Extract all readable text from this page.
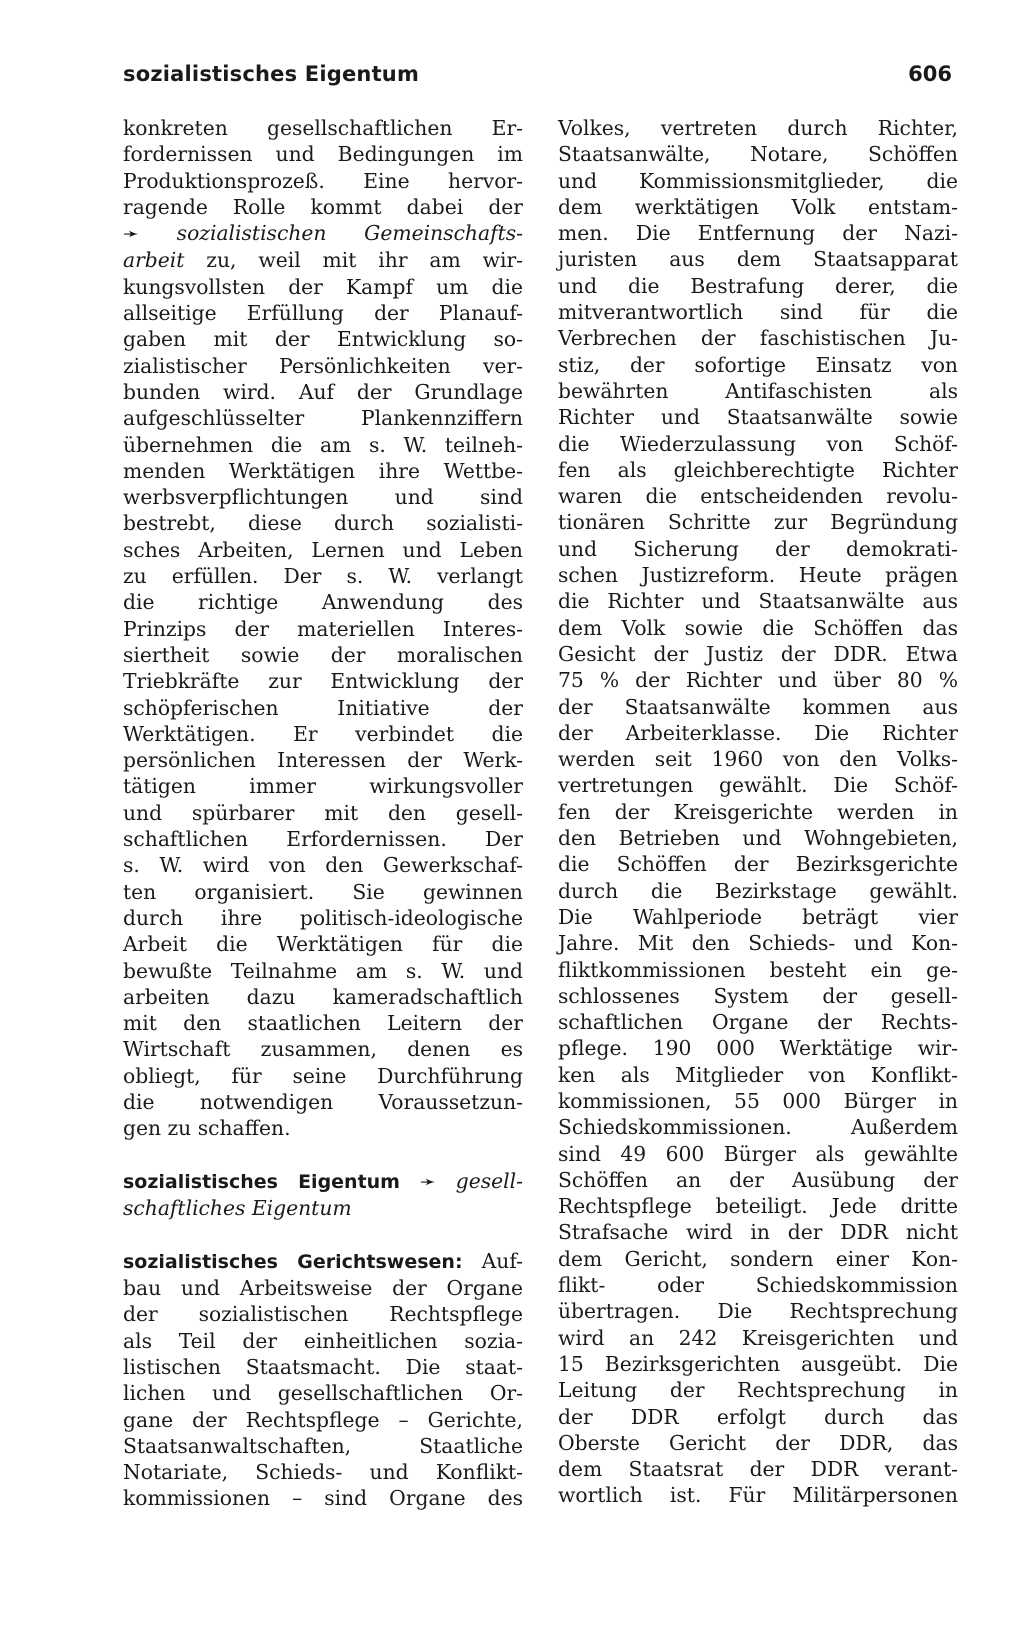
sozialistisches Eigentum	606
konkreten gesellschaftlichen Er-
fordernissen und Bedingungen im
Produktionsprozeß. Eine hervor-
ragende Rolle kommt dabei der
➛ sozialistischen Gemeinschafts-
arbeit zu, weil mit ihr am wir-
kungsvollsten der Kampf um die
allseitige Erfüllung der Planauf-
gaben mit der Entwicklung so-
zialistischer Persönlichkeiten ver-
bunden wird. Auf der Grundlage
aufgeschlüsselter Plankennziffern
übernehmen die am s. W. teilneh-
menden Werktätigen ihre Wettbe-
werbsverpflichtungen und sind
bestrebt, diese durch sozialisti-
sches Arbeiten, Lernen und Leben
zu erfüllen. Der s. W. verlangt
die richtige Anwendung des
Prinzips der materiellen Interes-
siertheit sowie der moralischen
Triebkräfte zur Entwicklung der
schöpferischen Initiative der
Werktätigen. Er verbindet die
persönlichen Interessen der Werk-
tätigen immer wirkungsvoller
und spürbarer mit den gesell-
schaftlichen Erfordernissen. Der
s. W. wird von den Gewerkschaf-
ten organisiert. Sie gewinnen
durch ihre politisch-ideologische
Arbeit die Werktätigen für die
bewußte Teilnahme am s. W. und
arbeiten dazu kameradschaftlich
mit den staatlichen Leitern der
Wirtschaft zusammen, denen es
obliegt, für seine Durchführung
die notwendigen Voraussetzun-
gen zu schaffen.
sozialistisches Eigentum ➛ gesell-
schaftliches Eigentum
sozialistisches Gerichtswesen: Auf-
bau und Arbeitsweise der Organe
der sozialistischen Rechtspflege
als Teil der einheitlichen sozia-
listischen Staatsmacht. Die staat-
lichen und gesellschaftlichen Or-
gane der Rechtspflege – Gerichte,
Staatsanwaltschaften, Staatliche
Notariate, Schieds- und Konflikt-
kommissionen – sind Organe des
Volkes, vertreten durch Richter,
Staatsanwälte, Notare, Schöffen
und Kommissionsmitglieder, die
dem werktätigen Volk entstam-
men. Die Entfernung der Nazi-
juristen aus dem Staatsapparat
und die Bestrafung derer, die
mitverantwortlich sind für die
Verbrechen der faschistischen Ju-
stiz, der sofortige Einsatz von
bewährten Antifaschisten als
Richter und Staatsanwälte sowie
die Wiederzulassung von Schöf-
fen als gleichberechtigte Richter
waren die entscheidenden revolu-
tionären Schritte zur Begründung
und Sicherung der demokrati-
schen Justizreform. Heute prägen
die Richter und Staatsanwälte aus
dem Volk sowie die Schöffen das
Gesicht der Justiz der DDR. Etwa
75 % der Richter und über 80 %
der Staatsanwälte kommen aus
der Arbeiterklasse. Die Richter
werden seit 1960 von den Volks-
vertretungen gewählt. Die Schöf-
fen der Kreisgerichte werden in
den Betrieben und Wohngebieten,
die Schöffen der Bezirksgerichte
durch die Bezirkstage gewählt.
Die Wahlperiode beträgt vier
Jahre. Mit den Schieds- und Kon-
fliktkommissionen besteht ein ge-
schlossenes System der gesell-
schaftlichen Organe der Rechts-
pflege. 190 000 Werktätige wir-
ken als Mitglieder von Konflikt-
kommissionen, 55 000 Bürger in
Schiedskommissionen. Außerdem
sind 49 600 Bürger als gewählte
Schöffen an der Ausübung der
Rechtspflege beteiligt. Jede dritte
Strafsache wird in der DDR nicht
dem Gericht, sondern einer Kon-
flikt- oder Schiedskommission
übertragen. Die Rechtsprechung
wird an 242 Kreisgerichten und
15 Bezirksgerichten ausgeübt. Die
Leitung der Rechtsprechung in
der DDR erfolgt durch das
Oberste Gericht der DDR, das
dem Staatsrat der DDR verant-
wortlich ist. Für Militärpersonen
